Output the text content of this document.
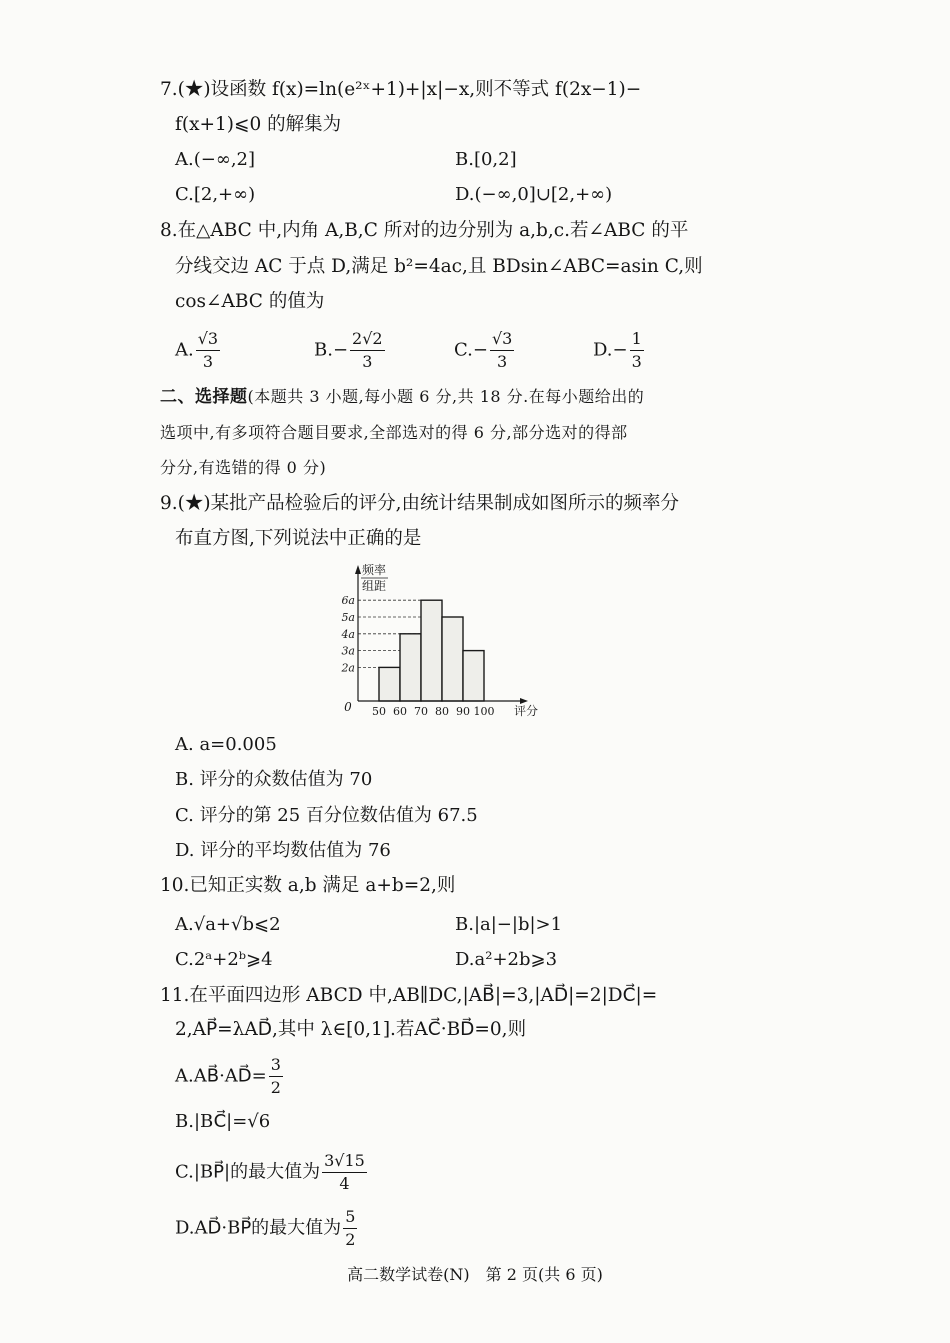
7.(★)设函数 f(x)=ln(e²ˣ+1)+|x|−x,则不等式 f(2x−1)−
f(x+1)⩽0 的解集为
A.(−∞,2]	B.[0,2]
C.[2,+∞)	D.(−∞,0]∪[2,+∞)
8.在△ABC 中,内角 A,B,C 所对的边分别为 a,b,c.若∠ABC 的平
分线交边 AC 于点 D,满足 b²=4ac,且 BDsin∠ABC=asin C,则
cos∠ABC 的值为
A. $\frac{√3}{3}$	$B.- \frac{2√2}{3}$	$C.- \frac{√3}{3}$	$D.- \frac{1}{3}$
二、选择题(本题共 3 小题,每小题 6 分,共 18 分.在每小题给出的
选项中,有多项符合题目要求,全部选对的得 6 分,部分选对的得部
分分,有选错的得 0 分)
9.(★)某批产品检验后的评分,由统计结果制成如图所示的频率分
布直方图,下列说法中正确的是
2a
3a
4a
5a
6a
50 60 70 80 90 100
0	评分
频率
组距
A. a=0.005
B. 评分的众数估值为 70
C. 评分的第 25 百分位数估值为 67.5
D. 评分的平均数估值为 76
10.已知正实数 a,b 满足 a+b=2,则
A.√a+√b⩽2	B.|a|−|b|>1
C.2ᵃ+2ᵇ⩾4	D.a²+2b⩾3
11.在平面四边形 ABCD 中,AB∥DC,|AB⃗|=3,|AD⃗|=2|DC⃗|=
2,AP⃗=λAD⃗,其中 λ∈[0,1].若AC⃗·BD⃗=0,则
A.AB⃗·AD⃗= $\frac{3}{2}$
B.|BC⃗|=√6
C.|BP⃗|的最大值为 $\frac{3√15}{4}$
D.AD⃗·BP⃗的最大值为 $\frac{5}{2}$
高二数学试卷(N)　第 2 页(共 6 页)
